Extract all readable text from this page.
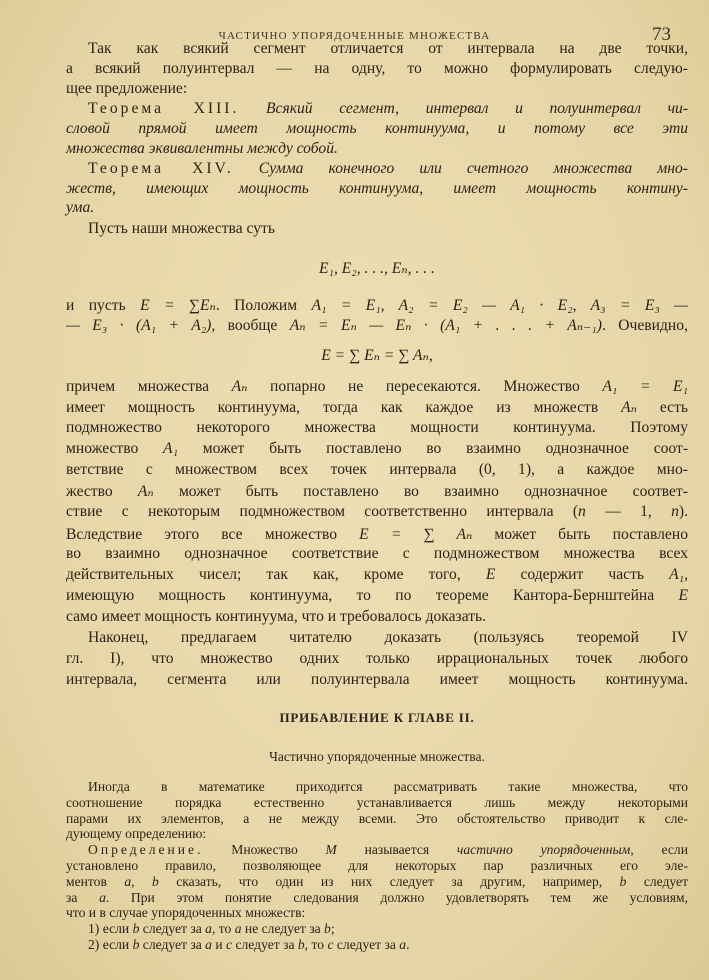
ЧАСТИЧНО УПОРЯДОЧЕННЫЕ МНОЖЕСТВА	73
Так как всякий сегмент отличается от интервала на две точки,
а всякий полуинтервал — на одну, то можно формулировать следую-
щее предложение:
Теорема XIII. Всякий сегмент, интервал и полуинтервал чи-
словой прямой имеет мощность континуума, и потому все эти
множества эквивалентны между собой.
Теорема XIV. Сумма конечного или счетного множества мно-
жеств, имеющих мощность континуума, имеет мощность континy-
ума.
Пусть наши множества суть
E₁, E₂, . . ., Eₙ, . . .
и пусть E = ∑Eₙ. Положим A₁ = E₁, A₂ = E₂ — A₁ · E₂, A₃ = E₃ —
— E₃ · (A₁ + A₂), вообще Aₙ = Eₙ — Eₙ · (A₁ + . . . + Aₙ₋₁). Очевидно,
E = ∑ Eₙ = ∑ Aₙ,
причем множества Aₙ попарно не пересекаются. Множество A₁ = E₁
имеет мощность континуума, тогда как каждое из множеств Aₙ есть
подмножество некоторого множества мощности континуума. Поэтому
множество A₁ может быть поставлено во взаимно однозначное соот-
ветствие с множеством всех точек интервала (0, 1), а каждое мно-
жество Aₙ может быть поставлено во взаимно однозначное соответ-
ствие с некоторым подмножеством соответственно интервала (n — 1, n).
Вследствие этого все множество E = ∑ Aₙ может быть поставлено
во взаимно однозначное соответствие с подмножеством множества всех
действительных чисел; так как, кроме того, E содержит часть A₁,
имеющую мощность континуума, то по теореме Кантора-Бернштейна E
само имеет мощность континуума, что и требовалось доказать.
Наконец, предлагаем читателю доказать (пользуясь теоремой IV
гл. I), что множество одних только иррациональных точек любого
интервала, сегмента или полуинтервала имеет мощность континуума.
ПРИБАВЛЕНИЕ К ГЛАВЕ II.
Частично упорядоченные множества.
Иногда в математике приходится рассматривать такие множества, что
соотношение порядка естественно устанавливается лишь между некоторыми
парами их элементов, а не между всеми. Это обстоятельство приводит к сле-
дующему определению:
Определение. Множество M называется частично упорядоченным, если
установлено правило, позволяющее для некоторых пар различных его эле-
ментов a, b сказать, что один из них следует за другим, например, b следует
за a. При этом понятие следования должно удовлетворять тем же условиям,
что и в случае упорядоченных множеств:
1) если b следует за a, то a не следует за b;
2) если b следует за a и c следует за b, то c следует за a.
